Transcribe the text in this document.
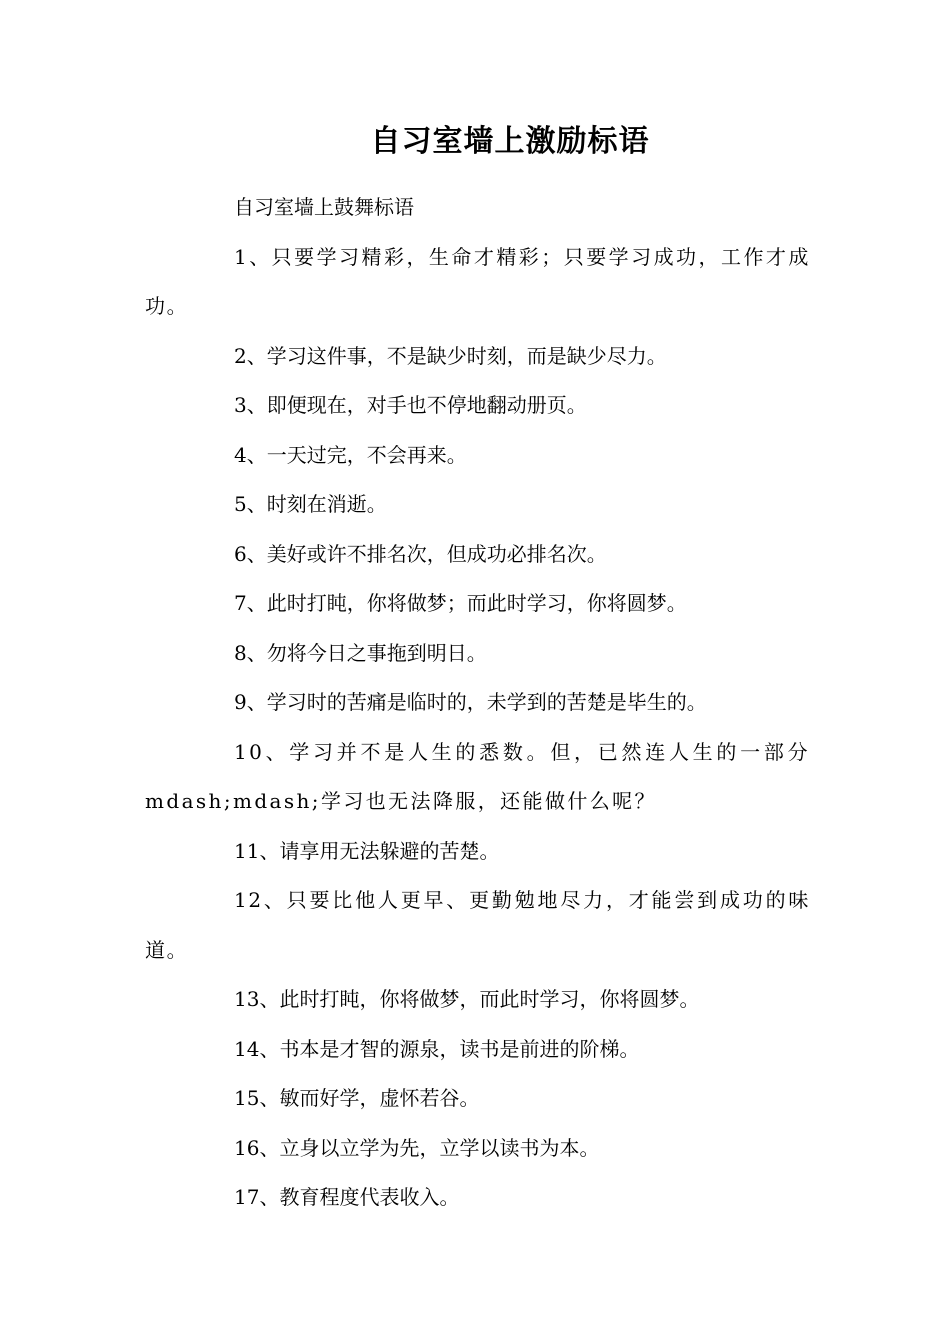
自习室墙上激励标语

自习室墙上鼓舞标语

1、只要学习精彩，生命才精彩；只要学习成功，工作才成功。

2、学习这件事，不是缺少时刻，而是缺少尽力。

3、即便现在，对手也不停地翻动册页。

4、一天过完，不会再来。

5、时刻在消逝。

6、美好或许不排名次，但成功必排名次。

7、此时打盹，你将做梦；而此时学习，你将圆梦。

8、勿将今日之事拖到明日。

9、学习时的苦痛是临时的，未学到的苦楚是毕生的。

10、学习并不是人生的悉数。但，已然连人生的一部分mdash;mdash;学习也无法降服，还能做什么呢？

11、请享用无法躲避的苦楚。

12、只要比他人更早、更勤勉地尽力，才能尝到成功的味道。

13、此时打盹，你将做梦，而此时学习，你将圆梦。

14、书本是才智的源泉，读书是前进的阶梯。

15、敏而好学，虚怀若谷。

16、立身以立学为先，立学以读书为本。

17、教育程度代表收入。
